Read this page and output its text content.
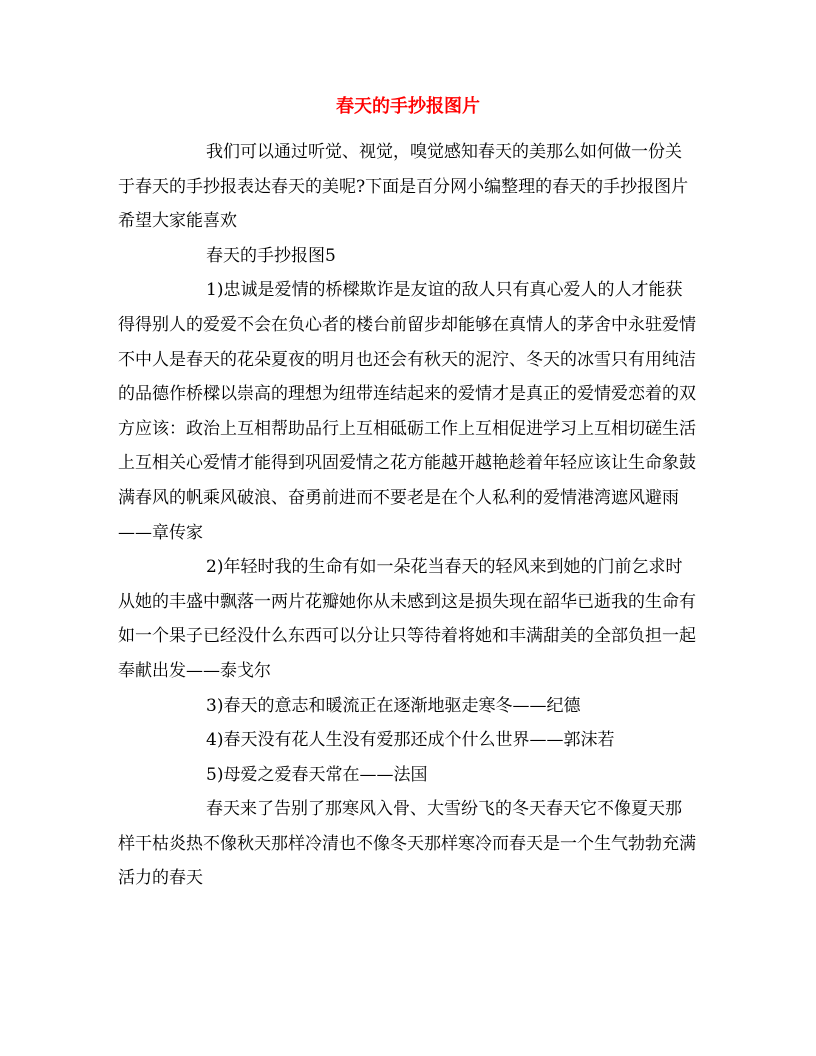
春天的手抄报图片

我们可以通过听觉、视觉，嗅觉感知春天的美那么如何做一份关于春天的手抄报表达春天的美呢?下面是百分网小编整理的春天的手抄报图片希望大家能喜欢

春天的手抄报图5

1)忠诚是爱情的桥樑欺诈是友谊的敌人只有真心爱人的人才能获得得别人的爱爱不会在负心者的楼台前留步却能够在真情人的茅舍中永驻爱情不中人是春天的花朵夏夜的明月也还会有秋天的泥泞、冬天的冰雪只有用纯洁的品德作桥樑以崇高的理想为纽带连结起来的爱情才是真正的爱情爱恋着的双方应该：政治上互相帮助品行上互相砥砺工作上互相促进学习上互相切磋生活上互相关心爱情才能得到巩固爱情之花方能越开越艳趁着年轻应该让生命象鼓满春风的帆乘风破浪、奋勇前进而不要老是在个人私利的爱情港湾遮风避雨——章传家

2)年轻时我的生命有如一朵花当春天的轻风来到她的门前乞求时从她的丰盛中飘落一两片花瓣她你从未感到这是损失现在韶华已逝我的生命有如一个果子已经没什么东西可以分让只等待着将她和丰满甜美的全部负担一起奉献出发——泰戈尔

3)春天的意志和暖流正在逐渐地驱走寒冬——纪德

4)春天没有花人生没有爱那还成个什么世界——郭沫若

5)母爱之爱春天常在——法国

春天来了告别了那寒风入骨、大雪纷飞的冬天春天它不像夏天那样干枯炎热不像秋天那样冷清也不像冬天那样寒冷而春天是一个生气勃勃充满活力的春天
